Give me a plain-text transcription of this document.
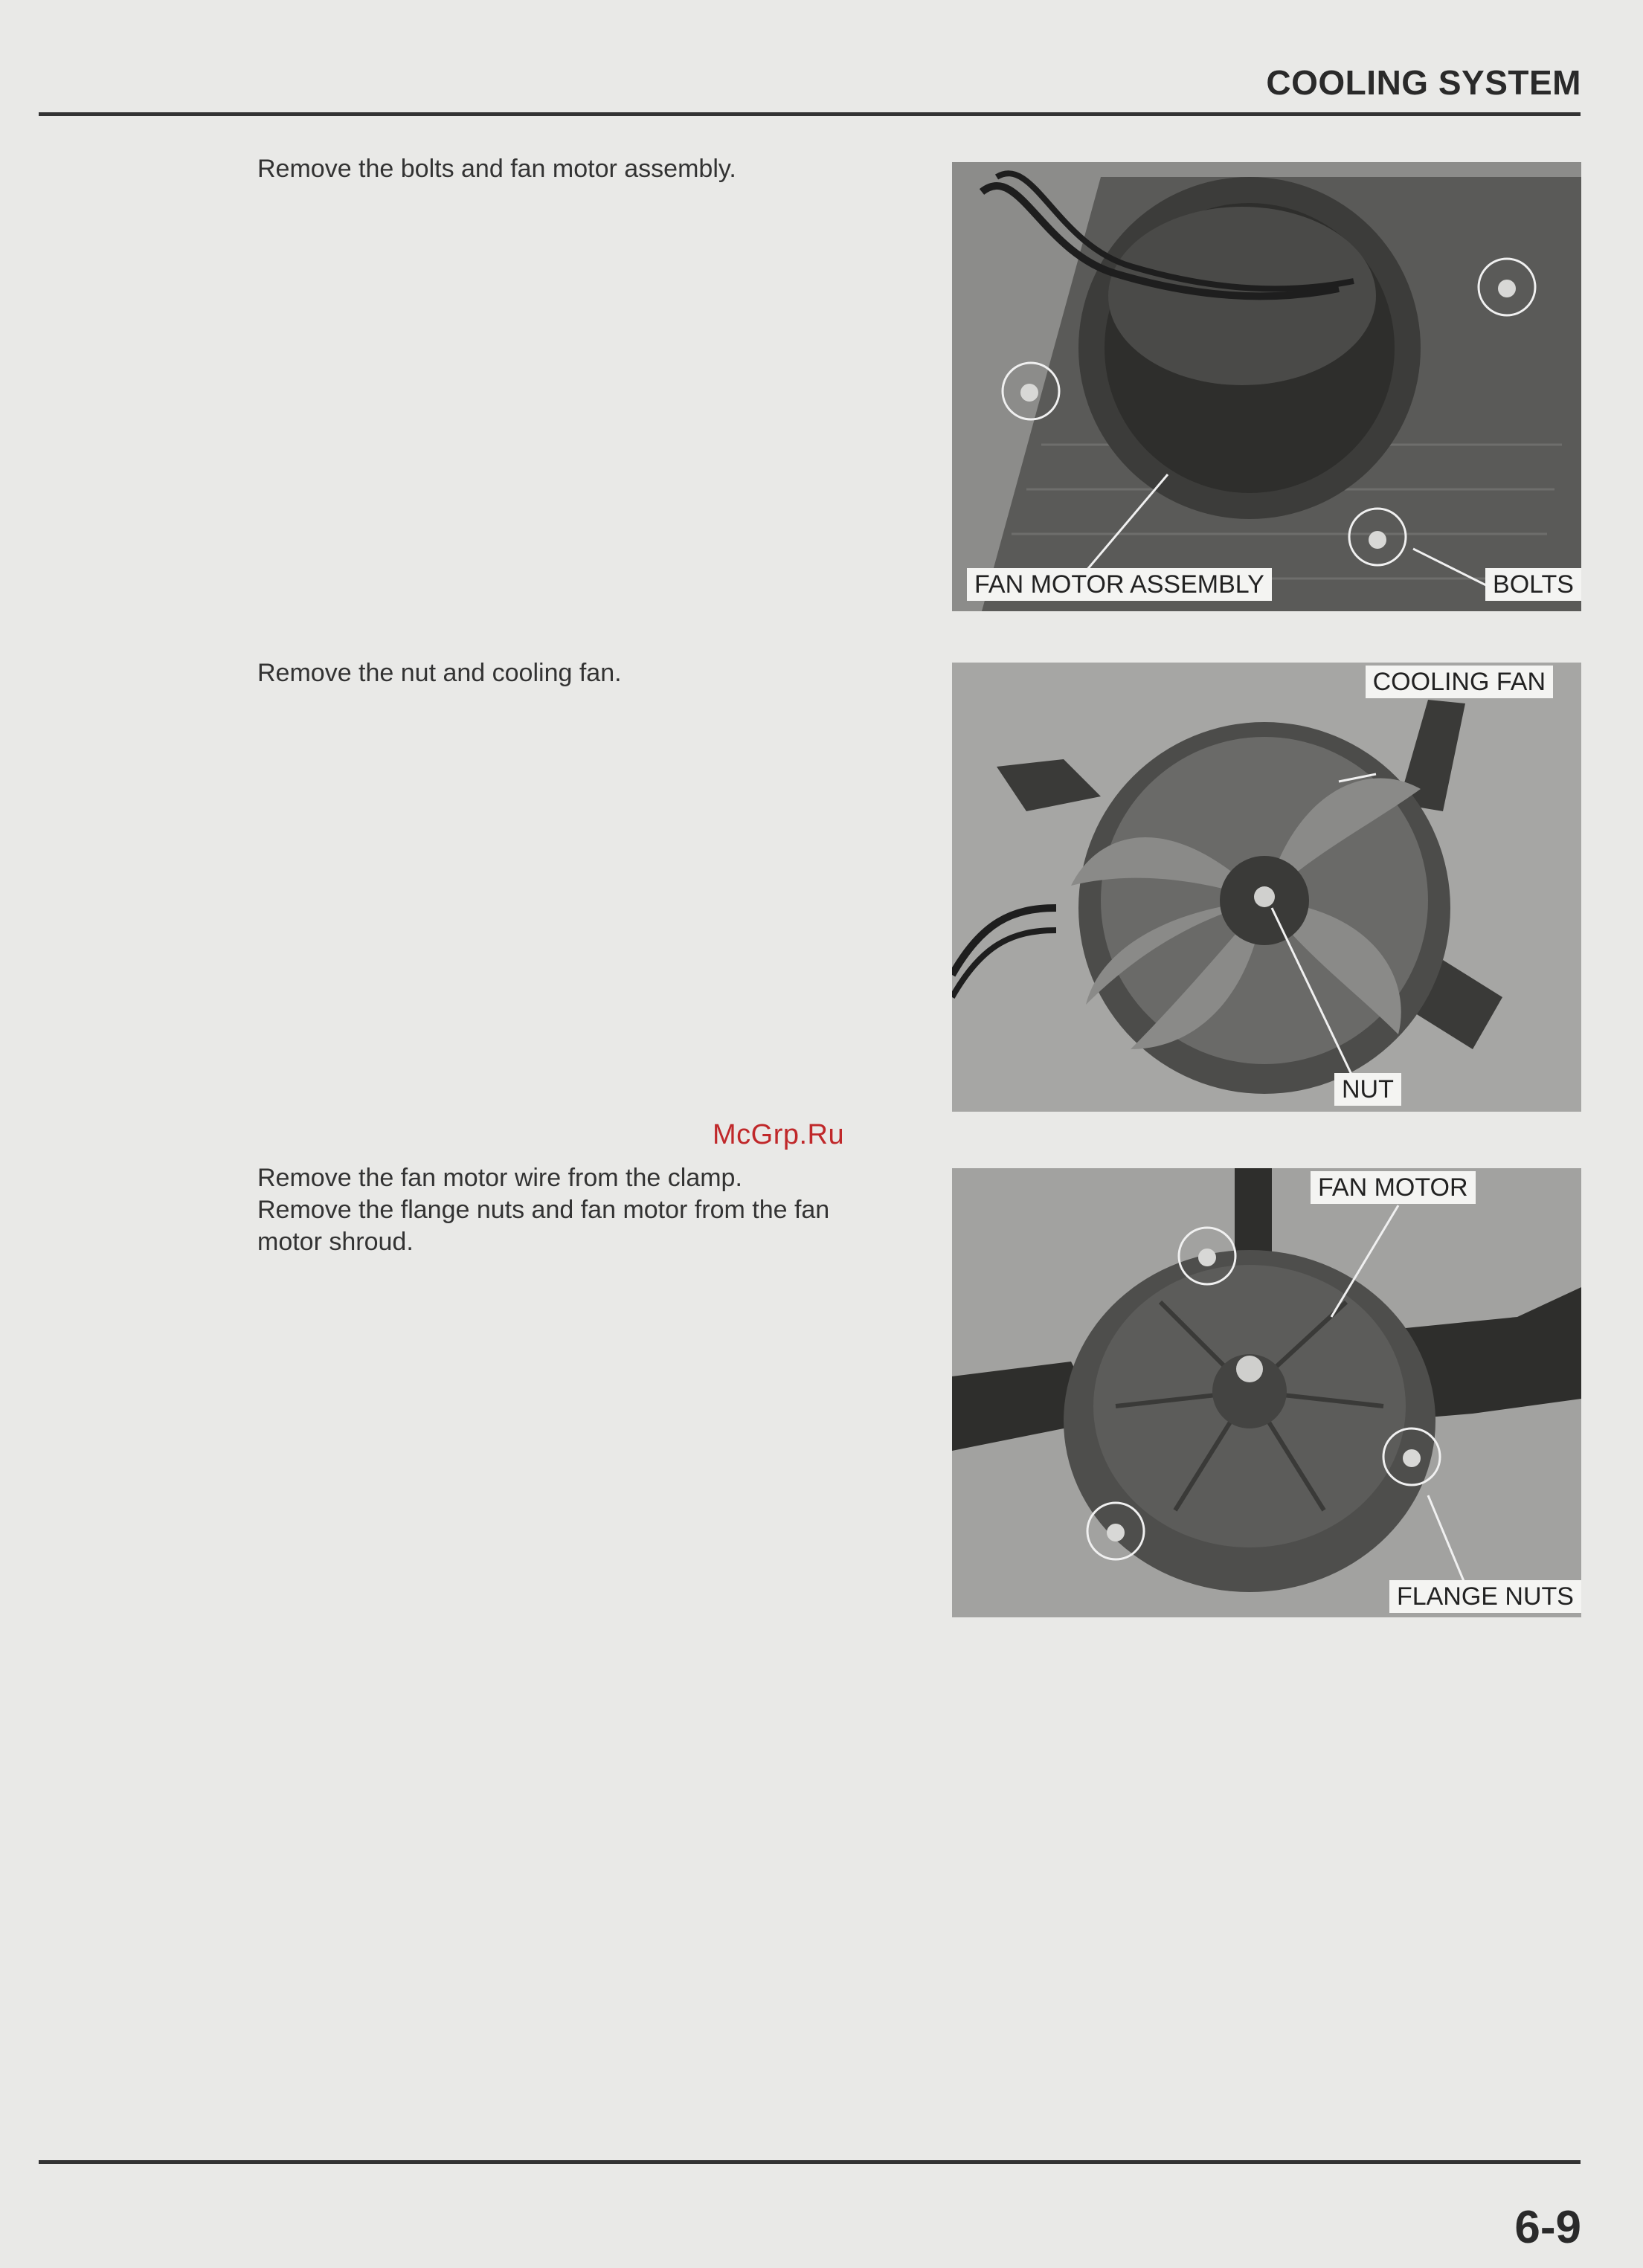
COOLING SYSTEM
Remove the bolts and fan motor assembly.
FAN MOTOR ASSEMBLY	BOLTS
Remove the nut and cooling fan.	COOLING FAN
NUT
McGrp.Ru
Remove the fan motor wire from the clamp.
Remove the flange nuts and fan motor from the fan
motor shroud.
FAN MOTOR
FLANGE NUTS
6-9
